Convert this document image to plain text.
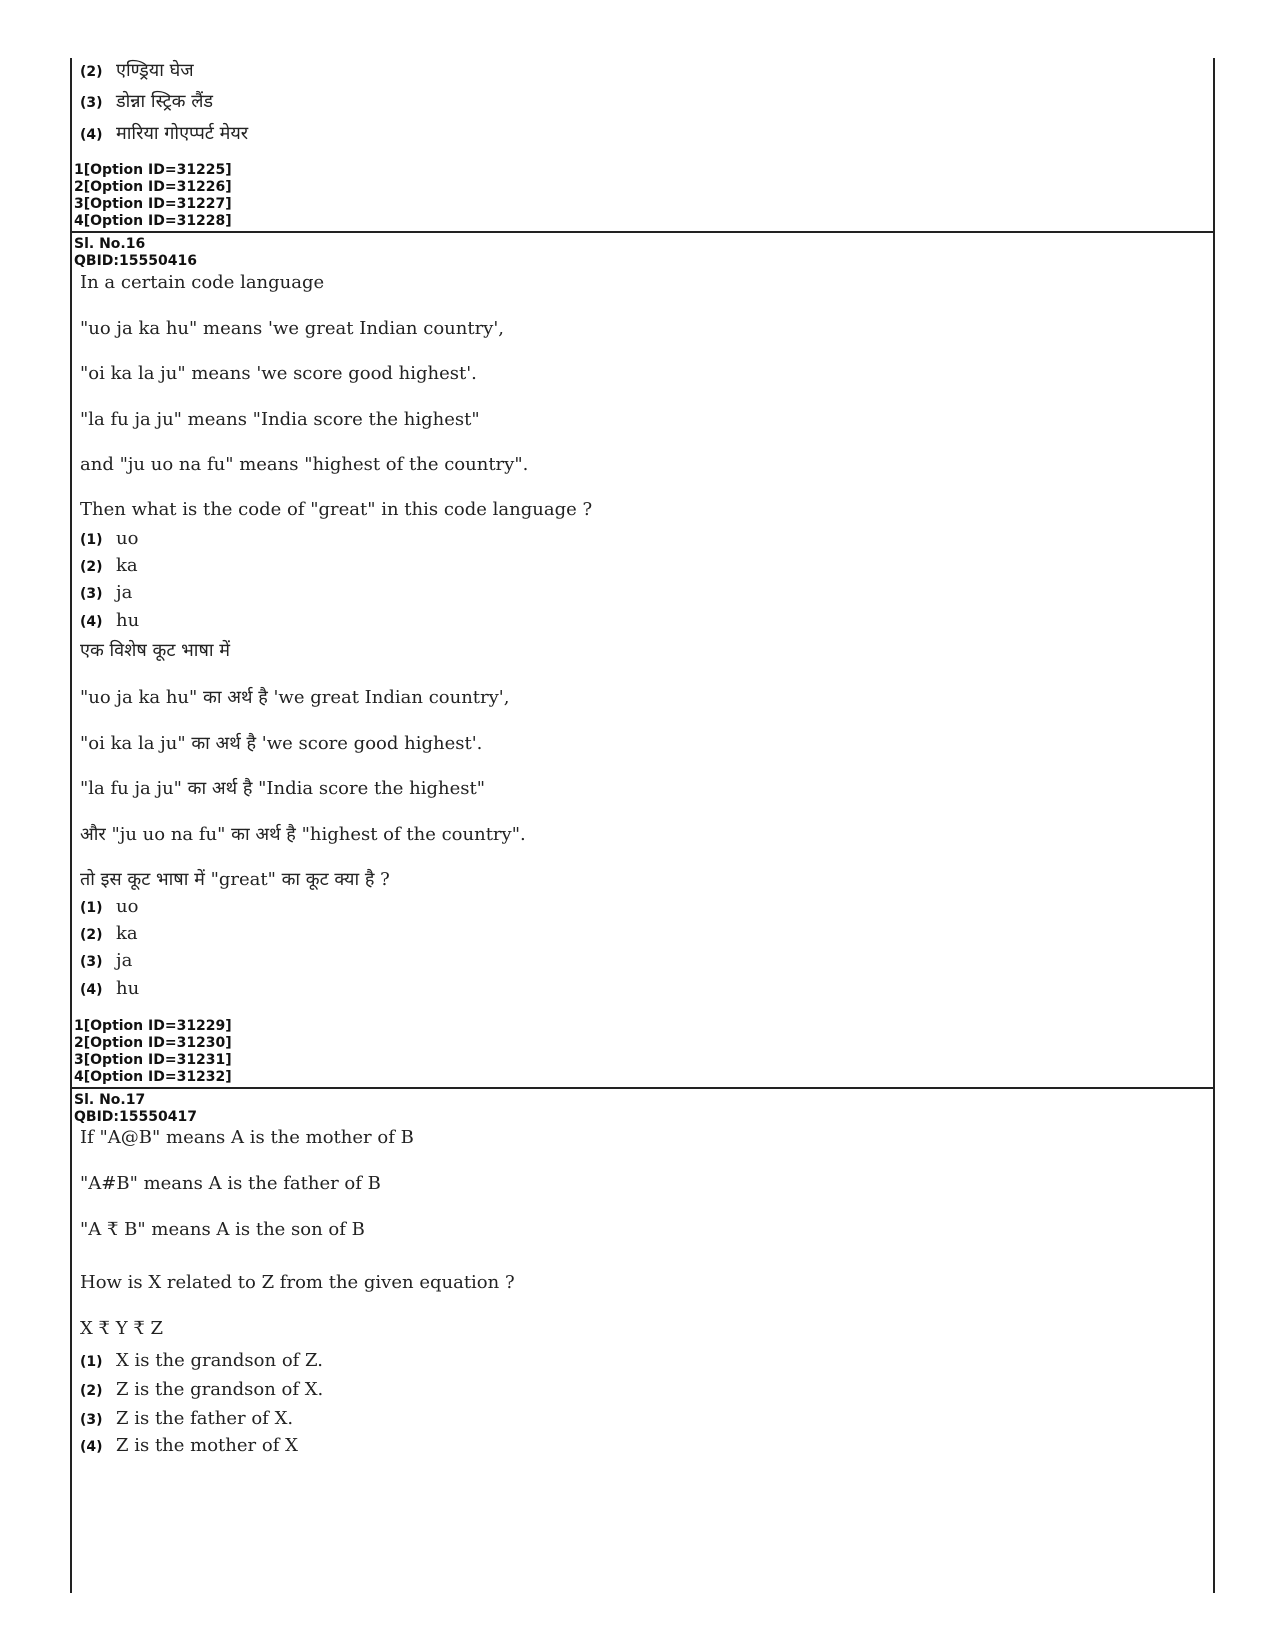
(2) एण्ड्रिया घेज
(3) डोन्ना स्ट्रिक लैंड
(4) मारिया गोएप्पर्ट मेयर
1[Option ID=31225]
2[Option ID=31226]
3[Option ID=31227]
4[Option ID=31228]
Sl. No.16
QBID:15550416
In a certain code language
"uo ja ka hu" means 'we great Indian country',
"oi ka la ju" means 'we score good highest'.
"la fu ja ju" means "India score the highest"
and "ju uo na fu" means "highest of the country".
Then what is the code of "great" in this code language ?
(1) uo
(2) ka
(3) ja
(4) hu
एक विशेष कूट भाषा में
"uo ja ka hu" का अर्थ है 'we great Indian country',
"oi ka la ju" का अर्थ है 'we score good highest'.
"la fu ja ju" का अर्थ है "India score the highest"
और "ju uo na fu" का अर्थ है "highest of the country".
तो इस कूट भाषा में "great" का कूट क्या है ?
(1) uo
(2) ka
(3) ja
(4) hu
1[Option ID=31229]
2[Option ID=31230]
3[Option ID=31231]
4[Option ID=31232]
Sl. No.17
QBID:15550417
If "A@B" means A is the mother of B
"A#B" means A is the father of B
"A ₹ B" means A is the son of B
How is X related to Z from the given equation ?
X ₹ Y ₹ Z
(1) X is the grandson of Z.
(2) Z is the grandson of X.
(3) Z is the father of X.
(4) Z is the mother of X
